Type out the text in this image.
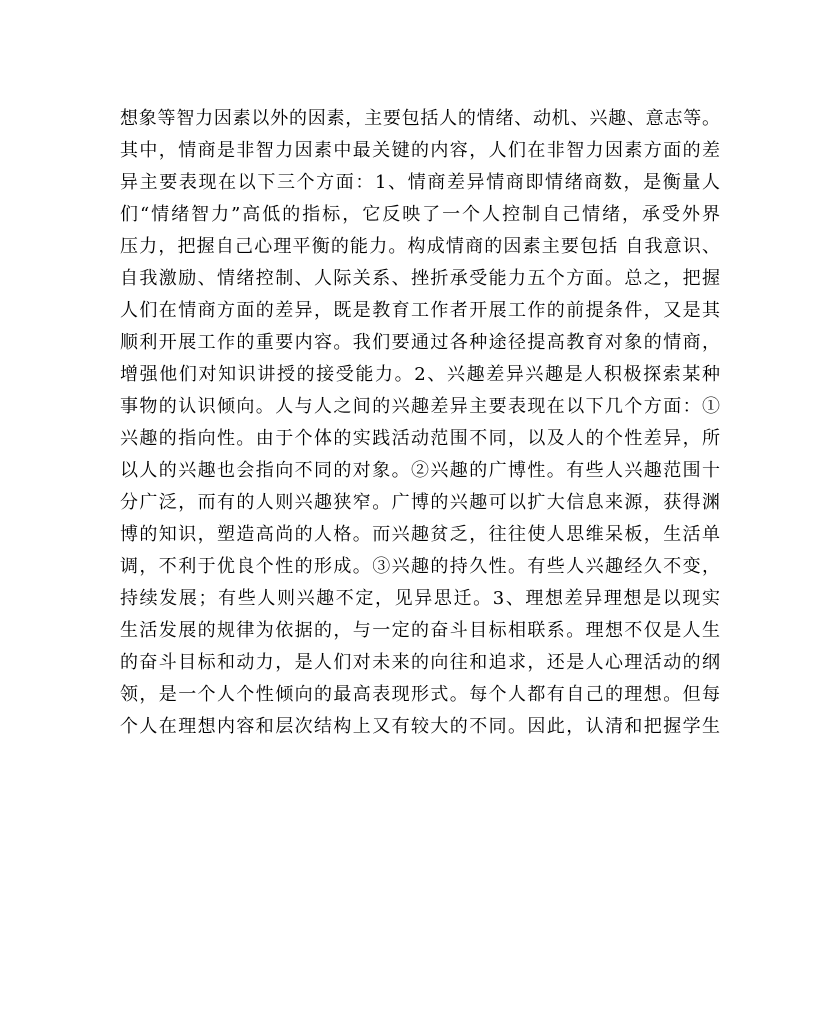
想象等智力因素以外的因素，主要包括人的情绪、动机、兴趣、意志等。
其中，情商是非智力因素中最关键的内容，人们在非智力因素方面的差
异主要表现在以下三个方面：1、情商差异情商即情绪商数，是衡量人
们“情绪智力”高低的指标，它反映了一个人控制自己情绪，承受外界
压力，把握自己心理平衡的能力。构成情商的因素主要包括 自我意识、
自我激励、情绪控制、人际关系、挫折承受能力五个方面。总之，把握
人们在情商方面的差异，既是教育工作者开展工作的前提条件，又是其
顺利开展工作的重要内容。我们要通过各种途径提高教育对象的情商，
增强他们对知识讲授的接受能力。2、兴趣差异兴趣是人积极探索某种
事物的认识倾向。人与人之间的兴趣差异主要表现在以下几个方面：①
兴趣的指向性。由于个体的实践活动范围不同，以及人的个性差异，所
以人的兴趣也会指向不同的对象。②兴趣的广博性。有些人兴趣范围十
分广泛，而有的人则兴趣狭窄。广博的兴趣可以扩大信息来源，获得渊
博的知识，塑造高尚的人格。而兴趣贫乏，往往使人思维呆板，生活单
调，不利于优良个性的形成。③兴趣的持久性。有些人兴趣经久不变，
持续发展；有些人则兴趣不定，见异思迁。3、理想差异理想是以现实
生活发展的规律为依据的，与一定的奋斗目标相联系。理想不仅是人生
的奋斗目标和动力，是人们对未来的向往和追求，还是人心理活动的纲
领，是一个人个性倾向的最高表现形式。每个人都有自己的理想。但每
个人在理想内容和层次结构上又有较大的不同。因此，认清和把握学生
